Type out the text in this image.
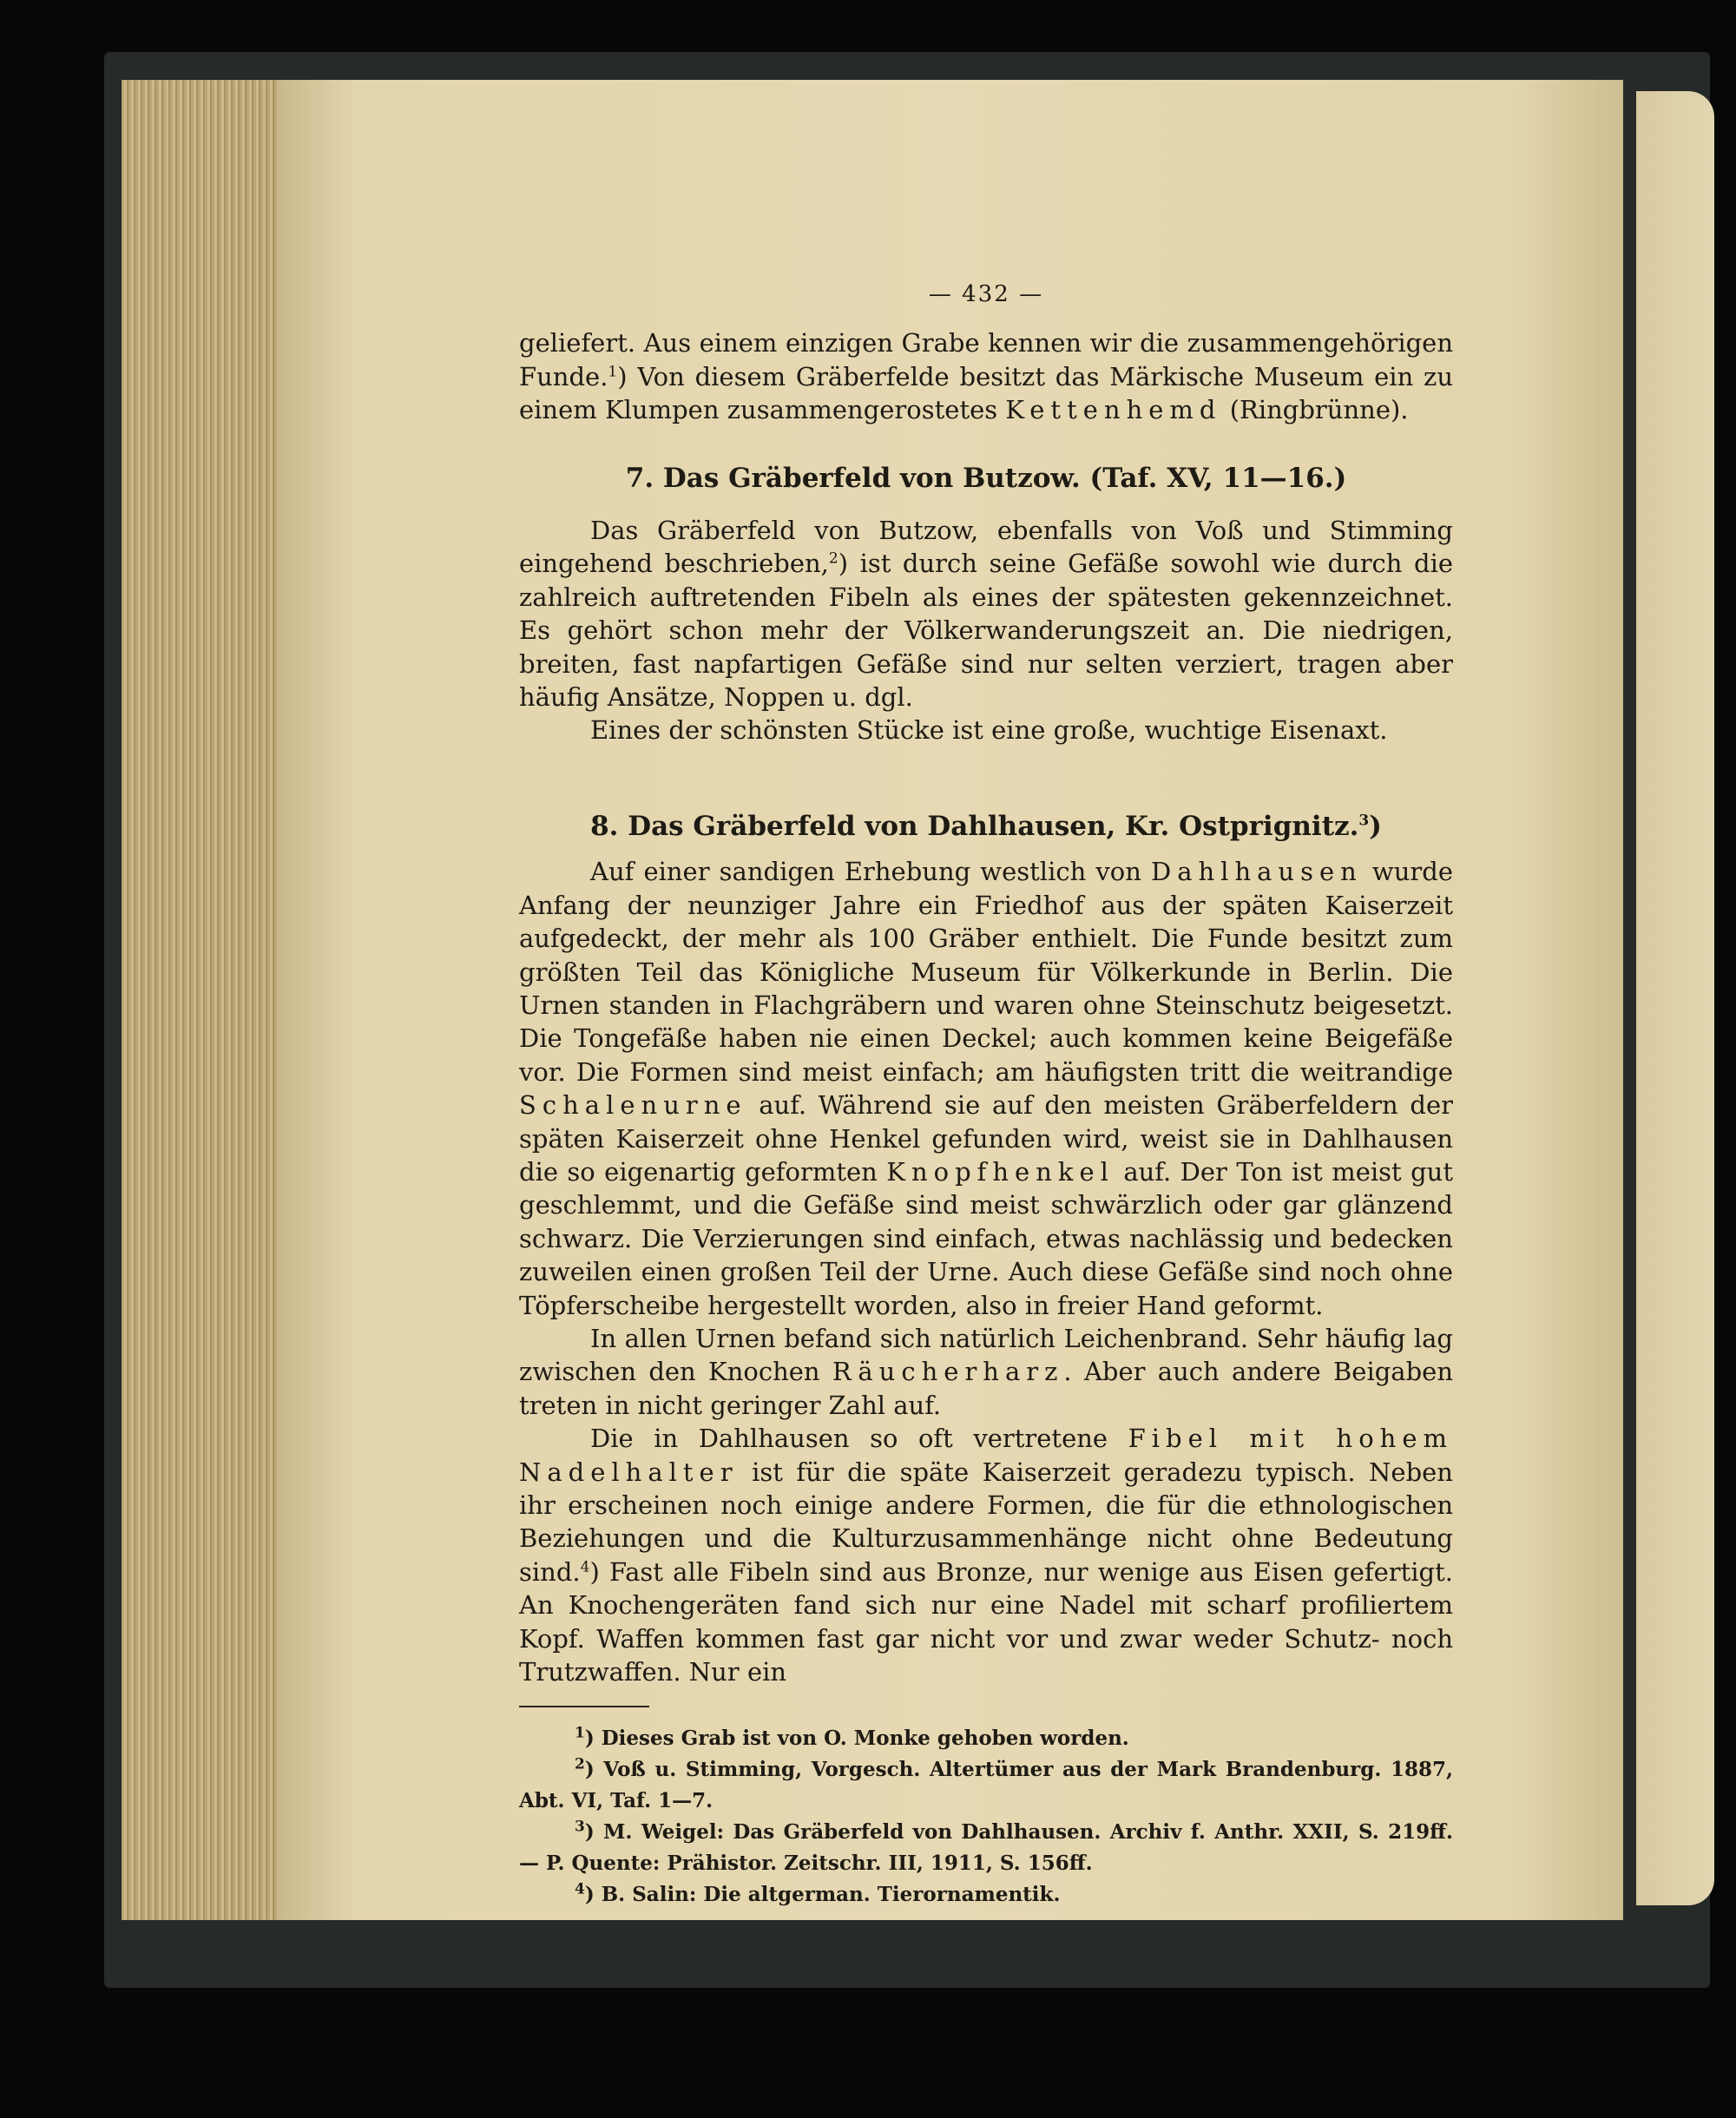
— 432 —

geliefert. Aus einem einzigen Grabe kennen wir die zusammengehörigen Funde.$^1$) Von diesem Gräberfelde besitzt das Märkische Museum ein zu einem Klumpen zusammengerostetes Kettenhemd (Ringbrünne).

7. Das Gräberfeld von Butzow. (Taf. XV, 11—16.)

Das Gräberfeld von Butzow, ebenfalls von Voß und Stimming eingehend beschrieben,$^2$) ist durch seine Gefäße sowohl wie durch die zahlreich auftretenden Fibeln als eines der spätesten gekennzeichnet. Es gehört schon mehr der Völkerwanderungszeit an. Die niedrigen, breiten, fast napfartigen Gefäße sind nur selten verziert, tragen aber häufig Ansätze, Noppen u. dgl.

Eines der schönsten Stücke ist eine große, wuchtige Eisenaxt.

8. Das Gräberfeld von Dahlhausen, Kr. Ostprignitz.$^3$)

Auf einer sandigen Erhebung westlich von Dahlhausen wurde Anfang der neunziger Jahre ein Friedhof aus der späten Kaiserzeit aufgedeckt, der mehr als 100 Gräber enthielt. Die Funde besitzt zum größten Teil das Königliche Museum für Völkerkunde in Berlin. Die Urnen standen in Flachgräbern und waren ohne Steinschutz beigesetzt. Die Tongefäße haben nie einen Deckel; auch kommen keine Beigefäße vor. Die Formen sind meist einfach; am häufigsten tritt die weitrandige Schalenurne auf. Während sie auf den meisten Gräberfeldern der späten Kaiserzeit ohne Henkel gefunden wird, weist sie in Dahlhausen die so eigenartig geformten Knopfhenkel auf. Der Ton ist meist gut geschlemmt, und die Gefäße sind meist schwärzlich oder gar glänzend schwarz. Die Verzierungen sind einfach, etwas nachlässig und bedecken zuweilen einen großen Teil der Urne. Auch diese Gefäße sind noch ohne Töpferscheibe hergestellt worden, also in freier Hand geformt.

In allen Urnen befand sich natürlich Leichenbrand. Sehr häufig lag zwischen den Knochen Räucherharz. Aber auch andere Beigaben treten in nicht geringer Zahl auf.

Die in Dahlhausen so oft vertretene Fibel mit hohem Nadelhalter ist für die späte Kaiserzeit geradezu typisch. Neben ihr erscheinen noch einige andere Formen, die für die ethnologischen Beziehungen und die Kulturzusammenhänge nicht ohne Bedeutung sind.$^4$) Fast alle Fibeln sind aus Bronze, nur wenige aus Eisen gefertigt. An Knochengeräten fand sich nur eine Nadel mit scharf profiliertem Kopf. Waffen kommen fast gar nicht vor und zwar weder Schutz- noch Trutzwaffen. Nur ein

$^1$) Dieses Grab ist von O. Monke gehoben worden.

$^2$) Voß u. Stimming, Vorgesch. Altertümer aus der Mark Brandenburg. 1887, Abt. VI, Taf. 1—7.

$^3$) M. Weigel: Das Gräberfeld von Dahlhausen. Archiv f. Anthr. XXII, S. 219ff. — P. Quente: Prähistor. Zeitschr. III, 1911, S. 156ff.

$^4$) B. Salin: Die altgerman. Tierornamentik.
